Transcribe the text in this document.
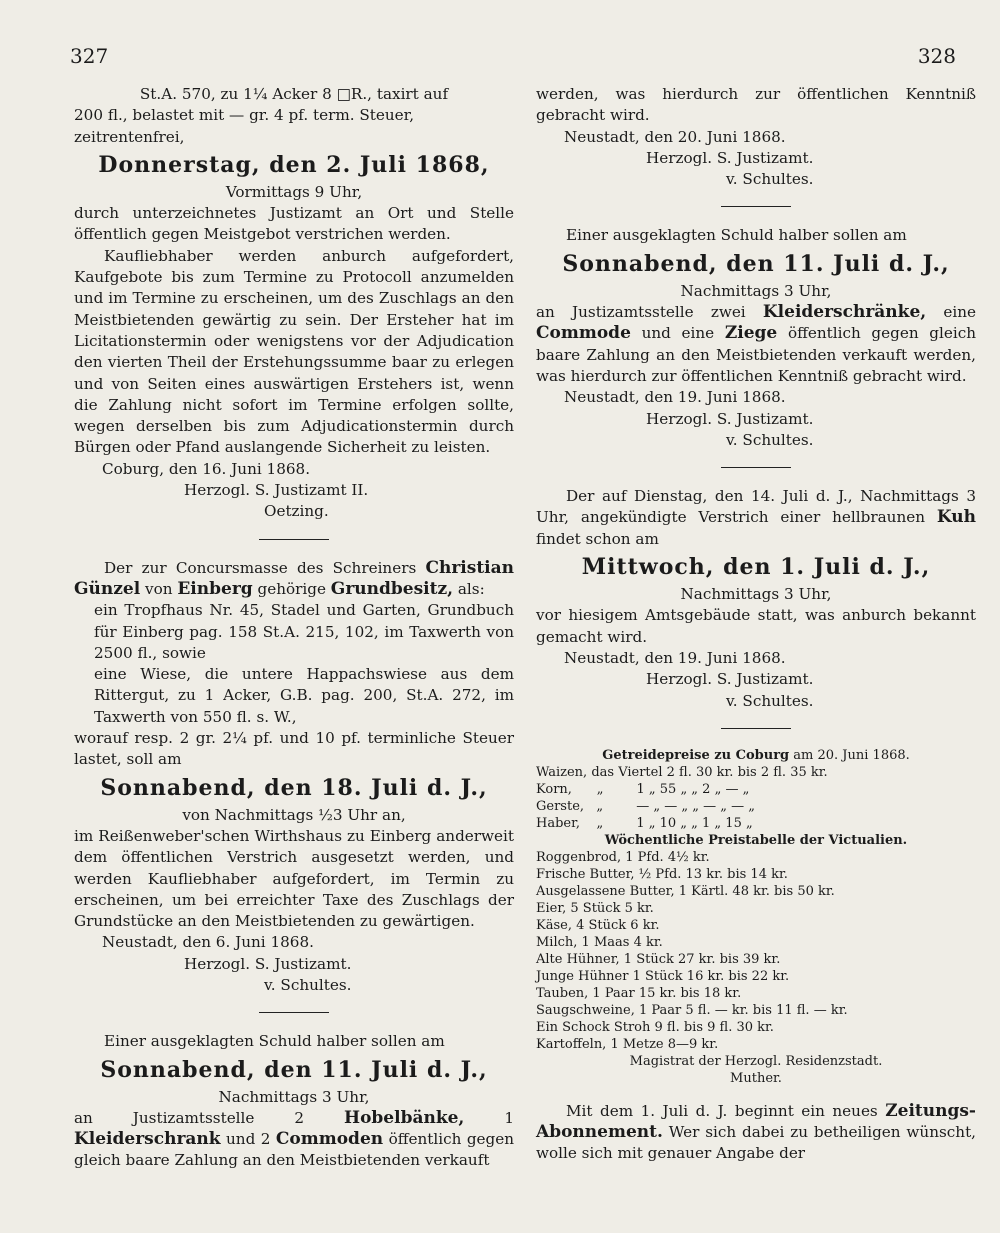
327	328

St.A. 570, zu 1¼ Acker 8 □R., taxirt auf

200 fl., belastet mit — gr. 4 pf. term. Steuer,

zeitrentenfrei,

Donnerstag, den 2. Juli 1868,

Vormittags 9 Uhr,

durch unterzeichnetes Justizamt an Ort und Stelle öffentlich gegen Meistgebot verstrichen werden.

Kaufliebhaber werden anburch aufgefordert, Kaufgebote bis zum Termine zu Protocoll anzumelden und im Termine zu erscheinen, um des Zuschlags an den Meistbietenden gewärtig zu sein. Der Ersteher hat im Licitationstermin oder wenigstens vor der Adjudication den vierten Theil der Erstehungssumme baar zu erlegen und von Seiten eines auswärtigen Erstehers ist, wenn die Zahlung nicht sofort im Termine erfolgen sollte, wegen derselben bis zum Adjudicationstermin durch Bürgen oder Pfand auslangende Sicherheit zu leisten.

Coburg, den 16. Juni 1868.

Herzogl. S. Justizamt II.

Oetzing.

Der zur Concursmasse des Schreiners Christian Günzel von Einberg gehörige Grundbesitz, als:

ein Tropfhaus Nr. 45, Stadel und Garten, Grundbuch für Einberg pag. 158 St.A. 215, 102, im Taxwerth von 2500 fl., sowie

eine Wiese, die untere Happachswiese aus dem Rittergut, zu 1 Acker, G.B. pag. 200, St.A. 272, im Taxwerth von 550 fl. s. W.,

worauf resp. 2 gr. 2¼ pf. und 10 pf. terminliche Steuer lastet, soll am

Sonnabend, den 18. Juli d. J.,

von Nachmittags ½3 Uhr an,

im Reißenweber'schen Wirthshaus zu Einberg anderweit dem öffentlichen Verstrich ausgesetzt werden, und werden Kaufliebhaber aufgefordert, im Termin zu erscheinen, um bei erreichter Taxe des Zuschlags der Grundstücke an den Meistbietenden zu gewärtigen.

Neustadt, den 6. Juni 1868.

Herzogl. S. Justizamt.

v. Schultes.

Einer ausgeklagten Schuld halber sollen am

Sonnabend, den 11. Juli d. J.,

Nachmittags 3 Uhr,

an Justizamtsstelle 2 Hobelbänke,	1 Kleiderschrank und 2 Commoden öffentlich gegen gleich baare Zahlung an den Meistbietenden verkauft

werden, was hierdurch zur öffentlichen Kenntniß gebracht wird.

Neustadt, den 20. Juni 1868.

Herzogl. S. Justizamt.

v. Schultes.

Einer ausgeklagten Schuld halber sollen am

Sonnabend, den 11. Juli d. J.,

Nachmittags 3 Uhr,

an Justizamtsstelle zwei Kleiderschränke, eine Commode und eine Ziege öffentlich gegen gleich baare Zahlung an den Meistbietenden verkauft werden, was hierdurch zur öffentlichen Kenntniß gebracht wird.

Neustadt, den 19. Juni 1868.

Herzogl. S. Justizamt.

v. Schultes.

Der auf Dienstag, den 14. Juli d. J., Nachmittags 3 Uhr, angekündigte Verstrich einer hellbraunen Kuh findet schon am

Mittwoch, den 1. Juli d. J.,

Nachmittags 3 Uhr,

vor hiesigem Amtsgebäude statt, was anburch bekannt gemacht wird.

Neustadt, den 19. Juni 1868.

Herzogl. S. Justizamt.

v. Schultes.

Getreidepreise zu Coburg am 20. Juni 1868.

Waizen, das Viertel 2 fl. 30 kr. bis 2 fl. 35 kr.

Korn,      „        1 „ 55 „ „ 2 „ — „

Gerste,   „        — „ — „ „ — „ — „

Haber,    „        1 „ 10 „ „ 1 „ 15 „

Wöchentliche Preistabelle der Victualien.

Roggenbrod, 1 Pfd. 4½ kr.

Frische Butter, ½ Pfd. 13 kr. bis 14 kr.

Ausgelassene Butter, 1 Kärtl. 48 kr. bis 50 kr.

Eier, 5 Stück 5 kr.

Käse, 4 Stück 6 kr.

Milch, 1 Maas 4 kr.

Alte Hühner, 1 Stück 27 kr. bis 39 kr.

Junge Hühner 1 Stück 16 kr. bis 22 kr.

Tauben, 1 Paar 15 kr. bis 18 kr.

Saugschweine, 1 Paar 5 fl. — kr. bis 11 fl. — kr.

Ein Schock Stroh 9 fl. bis 9 fl. 30 kr.

Kartoffeln, 1 Metze 8—9 kr.

Magistrat der Herzogl. Residenzstadt.

Muther.

Mit dem 1. Juli d. J. beginnt ein neues Zeitungs-Abonnement. Wer sich dabei zu betheiligen wünscht, wolle sich mit genauer Angabe der
